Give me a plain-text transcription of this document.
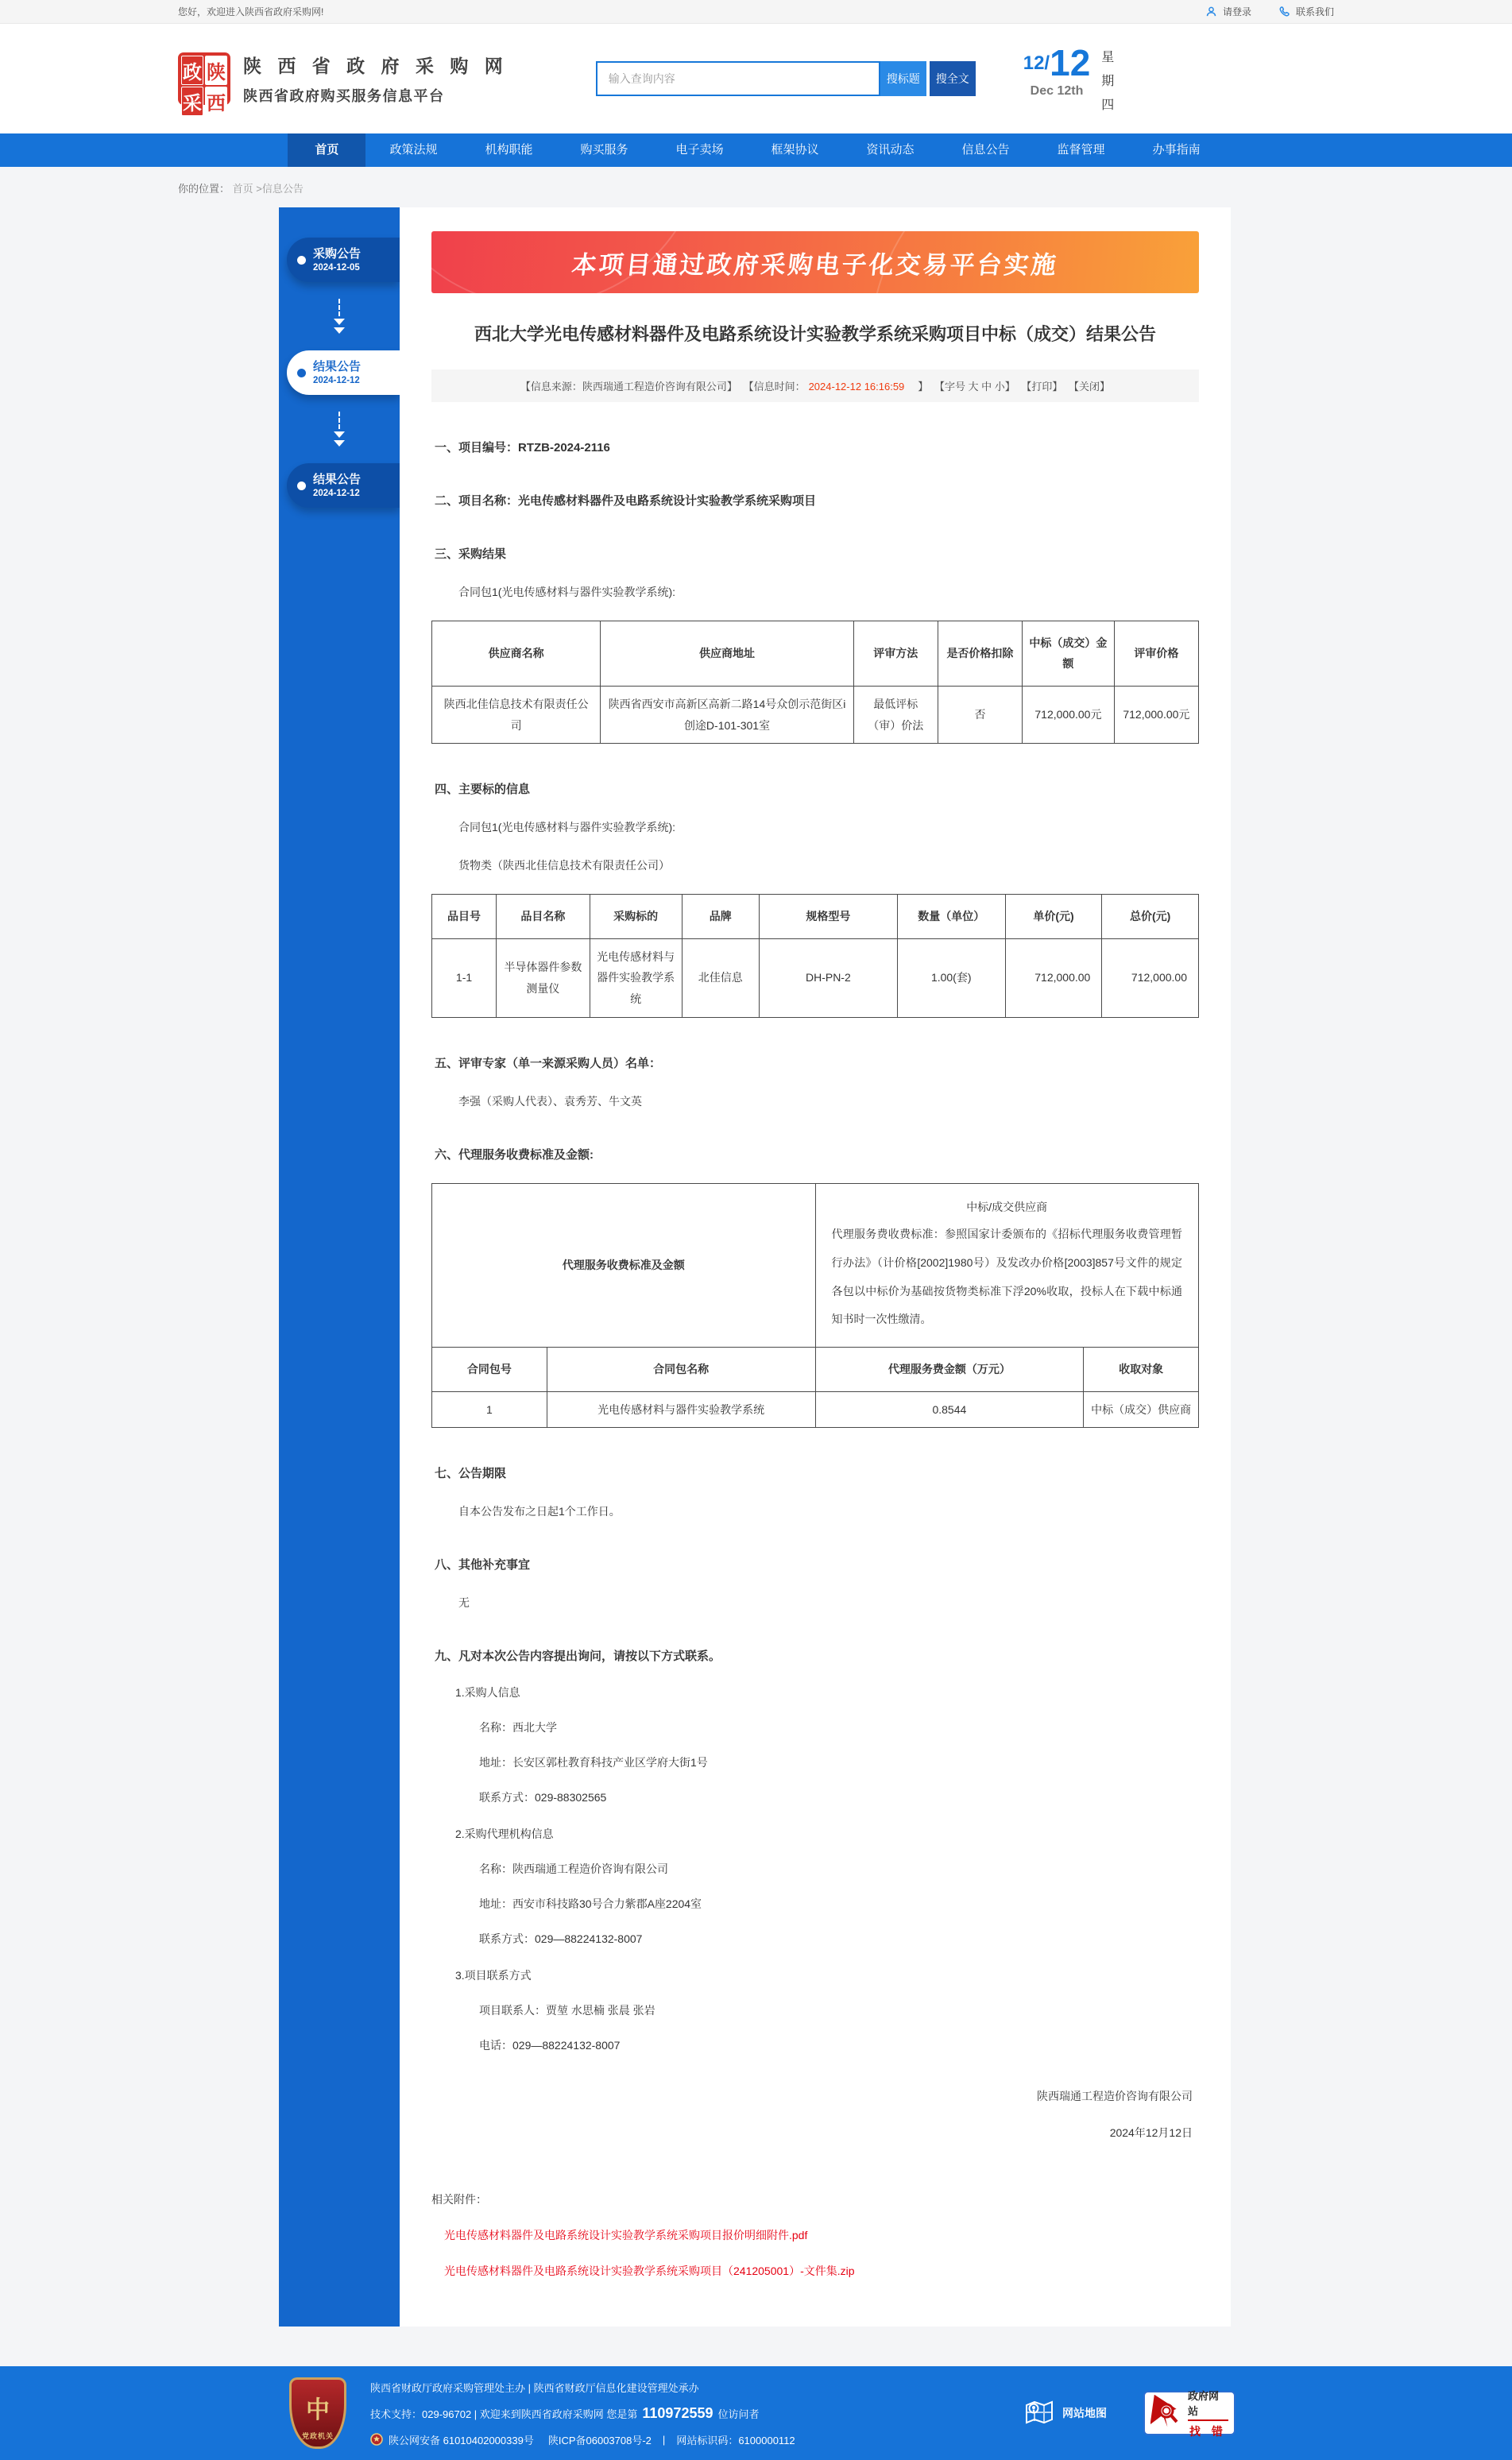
您好，欢迎进入陕西省政府采购网!	请登录	联系我们
政 陕
采 西
陕 西 省 政 府 采 购 网
陕西省政府购买服务信息平台
输入查询内容
搜标题	搜全文
12/12
Dec 12th
星
期
四
首页	政策法规	机构职能	购买服务	电子卖场	框架协议	资讯动态	信息公告	监督管理	办事指南
你的位置： 首页 >信息公告
采购公告
2024-12-05
结果公告
2024-12-12
结果公告
2024-12-12
本项目通过政府采购电子化交易平台实施
西北大学光电传感材料器件及电路系统设计实验教学系统采购项目中标（成交）结果公告
【信息来源：陕西瑞通工程造价咨询有限公司】 【信息时间： 2024-12-12 16:16:59　】 【字号 大 中 小】 【打印】 【关闭】
一、项目编号：RTZB-2024-2116
二、项目名称：光电传感材料器件及电路系统设计实验教学系统采购项目
三、采购结果
合同包1(光电传感材料与器件实验教学系统):
供应商名称	供应商地址	评审方法	是否价格扣除	中标（成交）金额	评审价格
陕西北佳信息技术有限责任公司	陕西省西安市高新区高新二路14号众创示范街区i创途D-101-301室	最低评标（审）价法	否	712,000.00元	712,000.00元
四、主要标的信息
合同包1(光电传感材料与器件实验教学系统):
货物类（陕西北佳信息技术有限责任公司）
品目号	品目名称	采购标的	品牌	规格型号	数量（单位）	单价(元)	总价(元)
1-1	半导体器件参数测量仪	光电传感材料与器件实验教学系统	北佳信息	DH-PN-2	1.00(套)	712,000.00	712,000.00
五、评审专家（单一来源采购人员）名单：
李强（采购人代表）、袁秀芳、牛文英
六、代理服务收费标准及金额:
代理服务收费标准及金额		中标/成交供应商
代理服务费收费标准：参照国家计委颁布的《招标代理服务收费管理暂行办法》（计价格[2002]1980号）及发改办价格[2003]857号文件的规定各包以中标价为基础按货物类标准下浮20%收取，投标人在下载中标通知书时一次性缴清。	

合同包号	合同包名称	代理服务费金额（万元）	收取对象
1	光电传感材料与器件实验教学系统	0.8544	中标（成交）供应商
七、公告期限
自本公告发布之日起1个工作日。
八、其他补充事宜
无
九、凡对本次公告内容提出询问，请按以下方式联系。
1.采购人信息
名称：西北大学
地址：长安区郭杜教育科技产业区学府大街1号
联系方式：029-88302565
2.采购代理机构信息
名称：陕西瑞通工程造价咨询有限公司
地址：西安市科技路30号合力紫郡A座2204室
联系方式：029—88224132-8007
3.项目联系方式
项目联系人：贾堃 水思楠 张晨 张岩
电话：029—88224132-8007
陕西瑞通工程造价咨询有限公司
2024年12月12日
相关附件：
光电传感材料器件及电路系统设计实验教学系统采购项目报价明细附件.pdf
光电传感材料器件及电路系统设计实验教学系统采购项目（241205001）-文件集.zip
中
党政机关
陕西省财政厅政府采购管理处主办 | 陕西省财政厅信息化建设管理处承办
技术支持：029-96702 | 欢迎来到陕西省政府采购网 您是第 110972559 位访问者
陕公网安备 61010402000339号 陕ICP备06003708号-2 | 网站标识码：6100000112
网站地图
政府网站
找 错
